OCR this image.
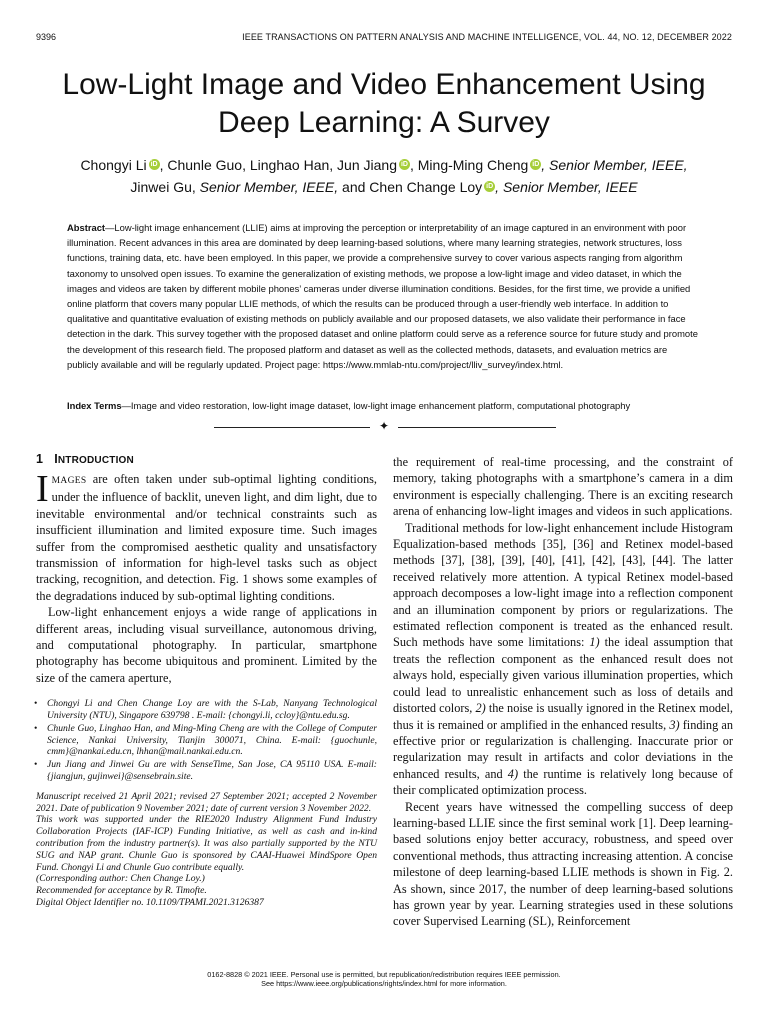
9396	IEEE TRANSACTIONS ON PATTERN ANALYSIS AND MACHINE INTELLIGENCE, VOL. 44, NO. 12, DECEMBER 2022
Low-Light Image and Video Enhancement Using
Deep Learning: A Survey
Chongyi Li iD , Chunle Guo, Linghao Han, Jun Jiang iD , Ming-Ming Cheng iD , Senior Member, IEEE,
Jinwei Gu, Senior Member, IEEE, and Chen Change Loy iD , Senior Member, IEEE
Abstract—Low-light image enhancement (LLIE) aims at improving the perception or interpretability of an image captured in an environment with poor illumination. Recent advances in this area are dominated by deep learning-based solutions, where many learning strategies, network structures, loss functions, training data, etc. have been employed. In this paper, we provide a comprehensive survey to cover various aspects ranging from algorithm taxonomy to unsolved open issues. To examine the generalization of existing methods, we propose a low-light image and video dataset, in which the images and videos are taken by different mobile phones’ cameras under diverse illumination conditions. Besides, for the first time, we provide a unified online platform that covers many popular LLIE methods, of which the results can be produced through a user-friendly web interface. In addition to qualitative and quantitative evaluation of existing methods on publicly available and our proposed datasets, we also validate their performance in face detection in the dark. This survey together with the proposed dataset and online platform could serve as a reference source for future study and promote the development of this research field. The proposed platform and dataset as well as the collected methods, datasets, and evaluation metrics are publicly available and will be regularly updated. Project page: https://www.mmlab-ntu.com/project/lliv_survey/index.html.
Index Terms—Image and video restoration, low-light image dataset, low-light image enhancement platform, computational photography
✦
1 INTRODUCTION

IMAGES are often taken under sub-optimal lighting conditions, under the influence of backlit, uneven light, and dim light, due to inevitable environmental and/or technical constraints such as insufficient illumination and limited exposure time. Such images suffer from the compromised aesthetic quality and unsatisfactory transmission of information for high-level tasks such as object tracking, recognition, and detection. Fig. 1 shows some examples of the degradations induced by sub-optimal lighting conditions.

Low-light enhancement enjoys a wide range of applications in different areas, including visual surveillance, autonomous driving, and computational photography. In particular, smartphone photography has become ubiquitous and prominent. Limited by the size of the camera aperture,

• Chongyi Li and Chen Change Loy are with the S-Lab, Nanyang Technological University (NTU), Singapore 639798 . E-mail: {chongyi.li, ccloy}@ntu.edu.sg.

• Chunle Guo, Linghao Han, and Ming-Ming Cheng are with the College of Computer Science, Nankai University, Tianjin 300071, China. E-mail: {guochunle, cmm}@nankai.edu.cn, lhhan@mail.nankai.edu.cn.

• Jun Jiang and Jinwei Gu are with SenseTime, San Jose, CA 95110 USA. E-mail: {jiangjun, gujinwei}@sensebrain.site.

Manuscript received 21 April 2021; revised 27 September 2021; accepted 2 November 2021. Date of publication 9 November 2021; date of current version 3 November 2022.

This work was supported under the RIE2020 Industry Alignment Fund Industry Collaboration Projects (IAF-ICP) Funding Initiative, as well as cash and in-kind contribution from the industry partner(s). It was also partially supported by the NTU SUG and NAP grant. Chunle Guo is sponsored by CAAI-Huawei MindSpore Open Fund. Chongyi Li and Chunle Guo contribute equally.

(Corresponding author: Chen Change Loy.)

Recommended for acceptance by R. Timofte.

Digital Object Identifier no. 10.1109/TPAMI.2021.3126387

the requirement of real-time processing, and the constraint of memory, taking photographs with a smartphone’s camera in a dim environment is especially challenging. There is an exciting research arena of enhancing low-light images and videos in such applications.

Traditional methods for low-light enhancement include Histogram Equalization-based methods [35], [36] and Retinex model-based methods [37], [38], [39], [40], [41], [42], [43], [44]. The latter received relatively more attention. A typical Retinex model-based approach decomposes a low-light image into a reflection component and an illumination component by priors or regularizations. The estimated reflection component is treated as the enhanced result. Such methods have some limitations: 1) the ideal assumption that treats the reflection component as the enhanced result does not always hold, especially given various illumination properties, which could lead to unrealistic enhancement such as loss of details and distorted colors, 2) the noise is usually ignored in the Retinex model, thus it is remained or amplified in the enhanced results, 3) finding an effective prior or regularization is challenging. Inaccurate prior or regularization may result in artifacts and color deviations in the enhanced results, and 4) the runtime is relatively long because of their complicated optimization process.

Recent years have witnessed the compelling success of deep learning-based LLIE since the first seminal work [1]. Deep learning-based solutions enjoy better accuracy, robustness, and speed over conventional methods, thus attracting increasing attention. A concise milestone of deep learning-based LLIE methods is shown in Fig. 2. As shown, since 2017, the number of deep learning-based solutions has grown year by year. Learning strategies used in these solutions cover Supervised Learning (SL), Reinforcement

0162-8828 © 2021 IEEE. Personal use is permitted, but republication/redistribution requires IEEE permission.
See https://www.ieee.org/publications/rights/index.html for more information.
